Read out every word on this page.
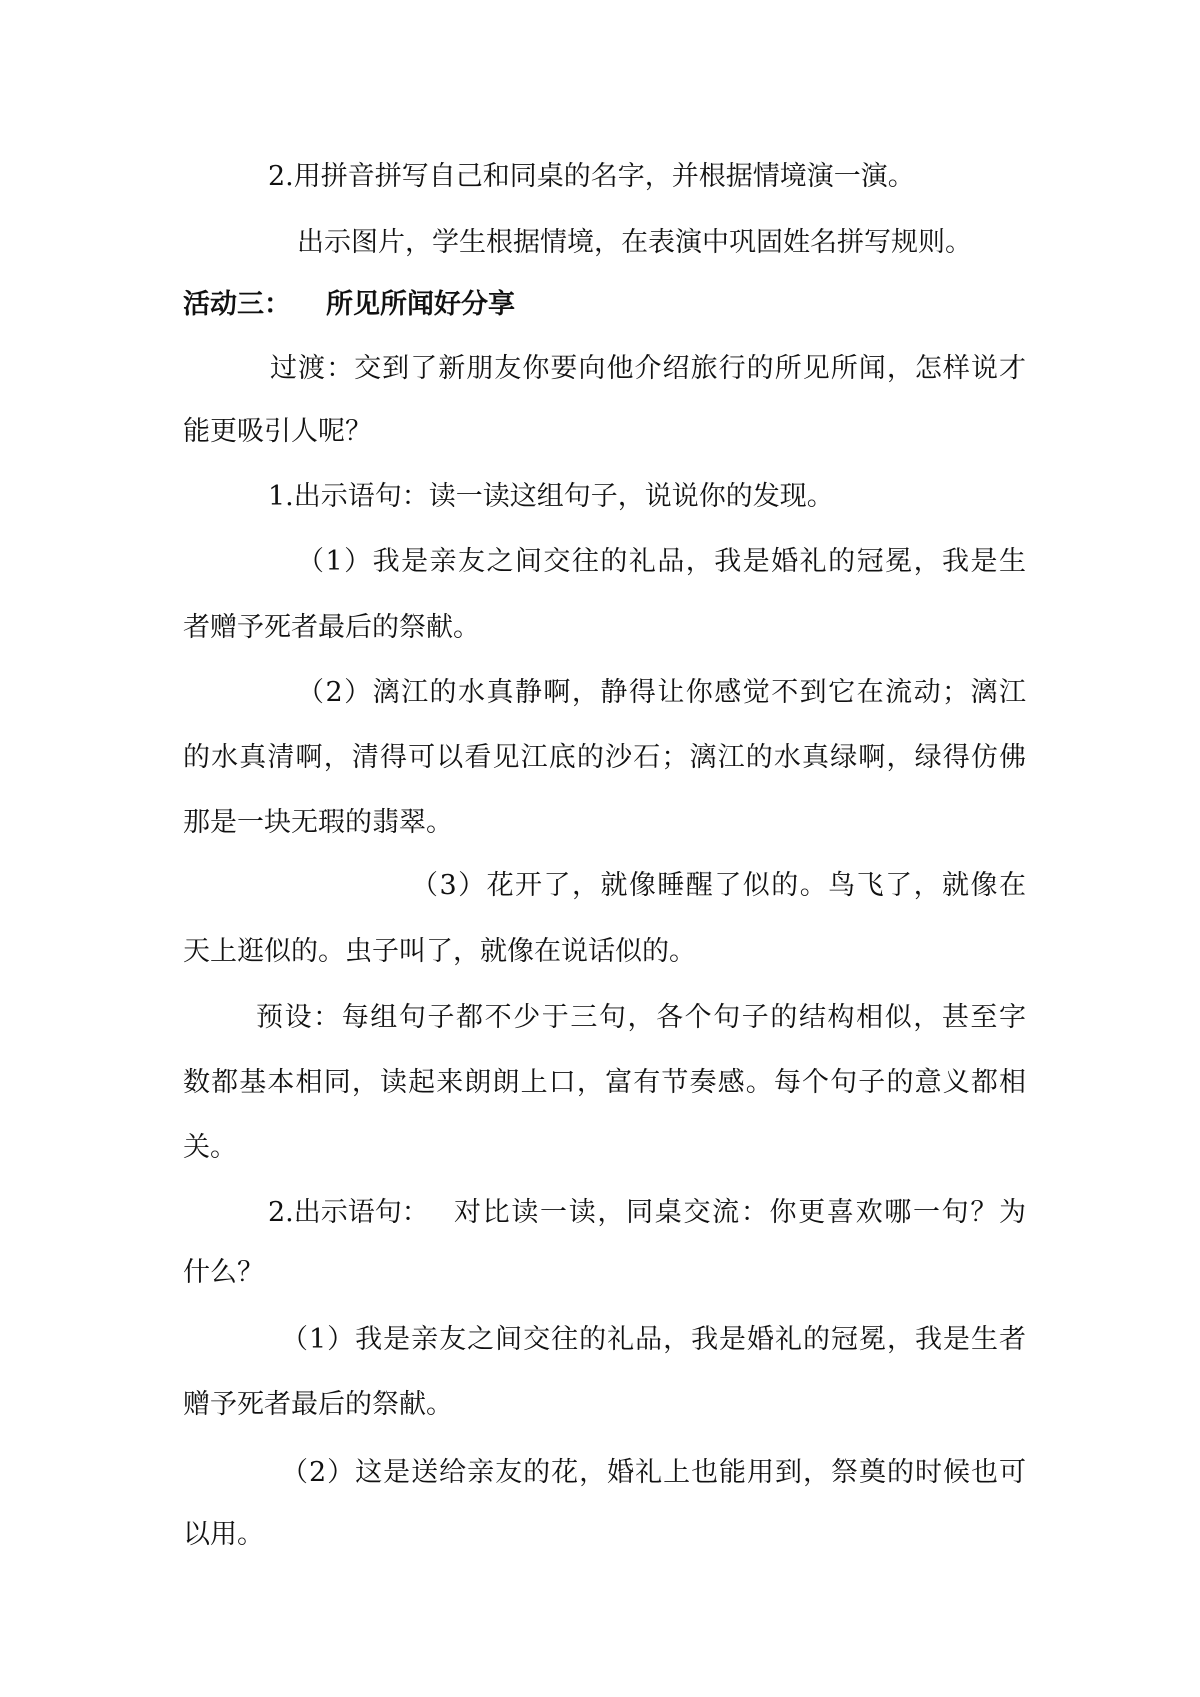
2.用拼音拼写自己和同桌的名字，并根据情境演一演。
出示图片，学生根据情境，在表演中巩固姓名拼写规则。
活动三： 所见所闻好分享
过渡：交到了新朋友你要向他介绍旅行的所见所闻，怎样说才
能更吸引人呢？
1.出示语句：读一读这组句子，说说你的发现。
（1）我是亲友之间交往的礼品，我是婚礼的冠冕，我是生
者赠予死者最后的祭献。
（2）漓江的水真静啊，静得让你感觉不到它在流动；漓江
的水真清啊，清得可以看见江底的沙石；漓江的水真绿啊，绿得仿佛
那是一块无瑕的翡翠。
（3）花开了，就像睡醒了似的。鸟飞了，就像在
天上逛似的。虫子叫了，就像在说话似的。
预设：每组句子都不少于三句，各个句子的结构相似，甚至字
数都基本相同，读起来朗朗上口，富有节奏感。每个句子的意义都相
关。
2.出示语句： 对比读一读，同桌交流：你更喜欢哪一句？为
什么？
（1）我是亲友之间交往的礼品，我是婚礼的冠冕，我是生者
赠予死者最后的祭献。
（2）这是送给亲友的花，婚礼上也能用到，祭奠的时候也可
以用。
